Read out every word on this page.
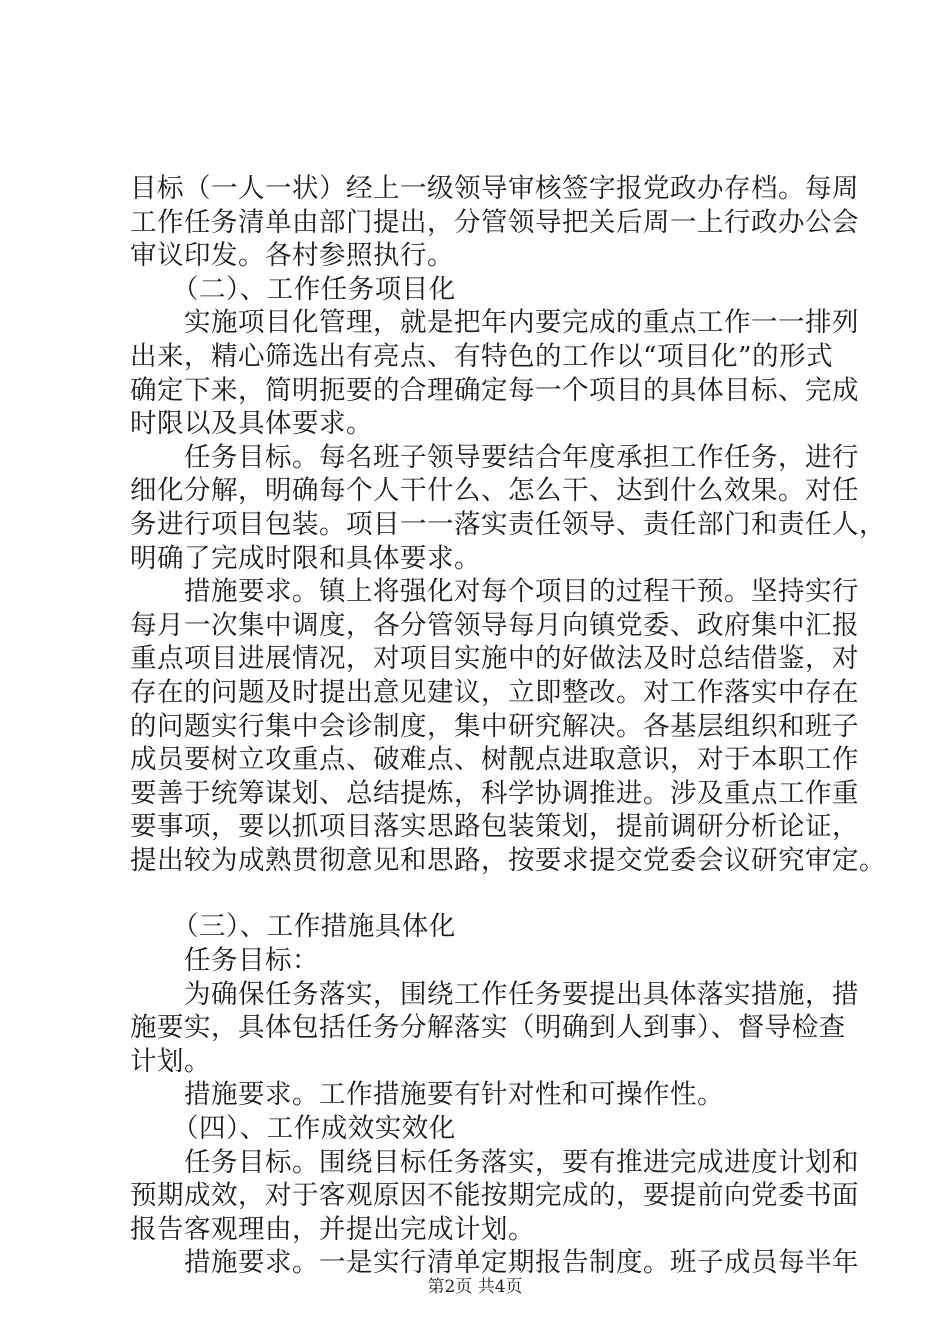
目标（一人一状）经上一级领导审核签字报党政办存档。每周
工作任务清单由部门提出，分管领导把关后周一上行政办公会
审议印发。各村参照执行。
（二）、工作任务项目化
实施项目化管理，就是把年内要完成的重点工作一一排列
出来，精心筛选出有亮点、有特色的工作以“项目化”的形式
确定下来，简明扼要的合理确定每一个项目的具体目标、完成
时限以及具体要求。
任务目标。每名班子领导要结合年度承担工作任务，进行
细化分解，明确每个人干什么、怎么干、达到什么效果。对任
务进行项目包装。项目一一落实责任领导、责任部门和责任人，
明确了完成时限和具体要求。
措施要求。镇上将强化对每个项目的过程干预。坚持实行
每月一次集中调度，各分管领导每月向镇党委、政府集中汇报
重点项目进展情况，对项目实施中的好做法及时总结借鉴，对
存在的问题及时提出意见建议，立即整改。对工作落实中存在
的问题实行集中会诊制度，集中研究解决。各基层组织和班子
成员要树立攻重点、破难点、树靓点进取意识，对于本职工作
要善于统筹谋划、总结提炼，科学协调推进。涉及重点工作重
要事项，要以抓项目落实思路包装策划，提前调研分析论证，
提出较为成熟贯彻意见和思路，按要求提交党委会议研究审定。
（三）、工作措施具体化
任务目标：
为确保任务落实，围绕工作任务要提出具体落实措施，措
施要实，具体包括任务分解落实（明确到人到事）、督导检查
计划。
措施要求。工作措施要有针对性和可操作性。
（四）、工作成效实效化
任务目标。围绕目标任务落实，要有推进完成进度计划和
预期成效，对于客观原因不能按期完成的，要提前向党委书面
报告客观理由，并提出完成计划。
措施要求。一是实行清单定期报告制度。班子成员每半年
第2页 共4页
